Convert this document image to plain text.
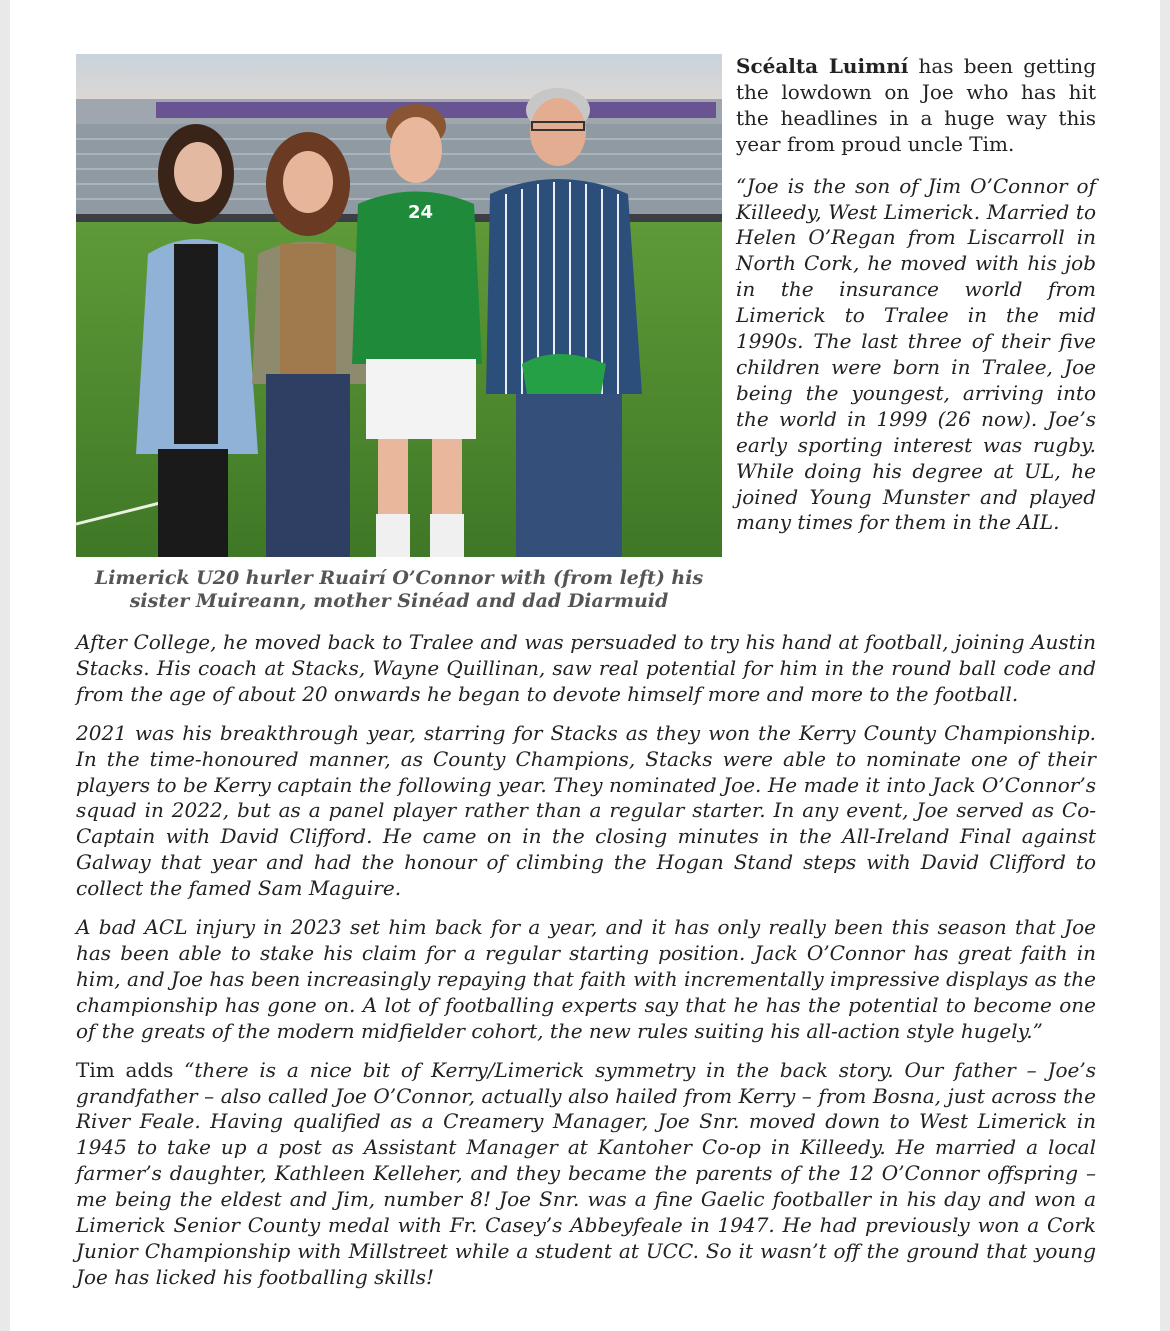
24
Limerick U20 hurler Ruairí O’Connor with (from left) his sister Muireann, mother Sinéad and dad Diarmuid

Scéalta Luimní has been getting the lowdown on Joe who has hit the headlines in a huge way this year from proud uncle Tim.

“Joe is the son of Jim O’Connor of Killeedy, West Limerick. Married to Helen O’Regan from Liscarroll in North Cork, he moved with his job in the insurance world from Limerick to Tralee in the mid 1990s. The last three of their five children were born in Tralee, Joe being the youngest, arriving into the world in 1999 (26 now). Joe’s early sporting interest was rugby. While doing his degree at UL, he joined Young Munster and played many times for them in the AIL.

After College, he moved back to Tralee and was persuaded to try his hand at football, joining Austin Stacks. His coach at Stacks, Wayne Quillinan, saw real potential for him in the round ball code and from the age of about 20 onwards he began to devote himself more and more to the football.

2021 was his breakthrough year, starring for Stacks as they won the Kerry County Championship. In the time-honoured manner, as County Champions, Stacks were able to nominate one of their players to be Kerry captain the following year. They nominated Joe. He made it into Jack O’Connor’s squad in 2022, but as a panel player rather than a regular starter. In any event, Joe served as Co-Captain with David Clifford. He came on in the closing minutes in the All-Ireland Final against Galway that year and had the honour of climbing the Hogan Stand steps with David Clifford to collect the famed Sam Maguire.

A bad ACL injury in 2023 set him back for a year, and it has only really been this season that Joe has been able to stake his claim for a regular starting position. Jack O’Connor has great faith in him, and Joe has been increasingly repaying that faith with incrementally impressive displays as the championship has gone on. A lot of footballing experts say that he has the potential to become one of the greats of the modern midfielder cohort, the new rules suiting his all-action style hugely.”

Tim adds “there is a nice bit of Kerry/Limerick symmetry in the back story. Our father – Joe’s grandfather – also called Joe O’Connor, actually also hailed from Kerry – from Bosna, just across the River Feale. Having qualified as a Creamery Manager, Joe Snr. moved down to West Limerick in 1945 to take up a post as Assistant Manager at Kantoher Co-op in Killeedy. He married a local farmer’s daughter, Kathleen Kelleher, and they became the parents of the 12 O’Connor offspring – me being the eldest and Jim, number 8! Joe Snr. was a fine Gaelic footballer in his day and won a Limerick Senior County medal with Fr. Casey’s Abbeyfeale in 1947. He had previously won a Cork Junior Championship with Millstreet while a student at UCC. So it wasn’t off the ground that young Joe has licked his footballing skills!
